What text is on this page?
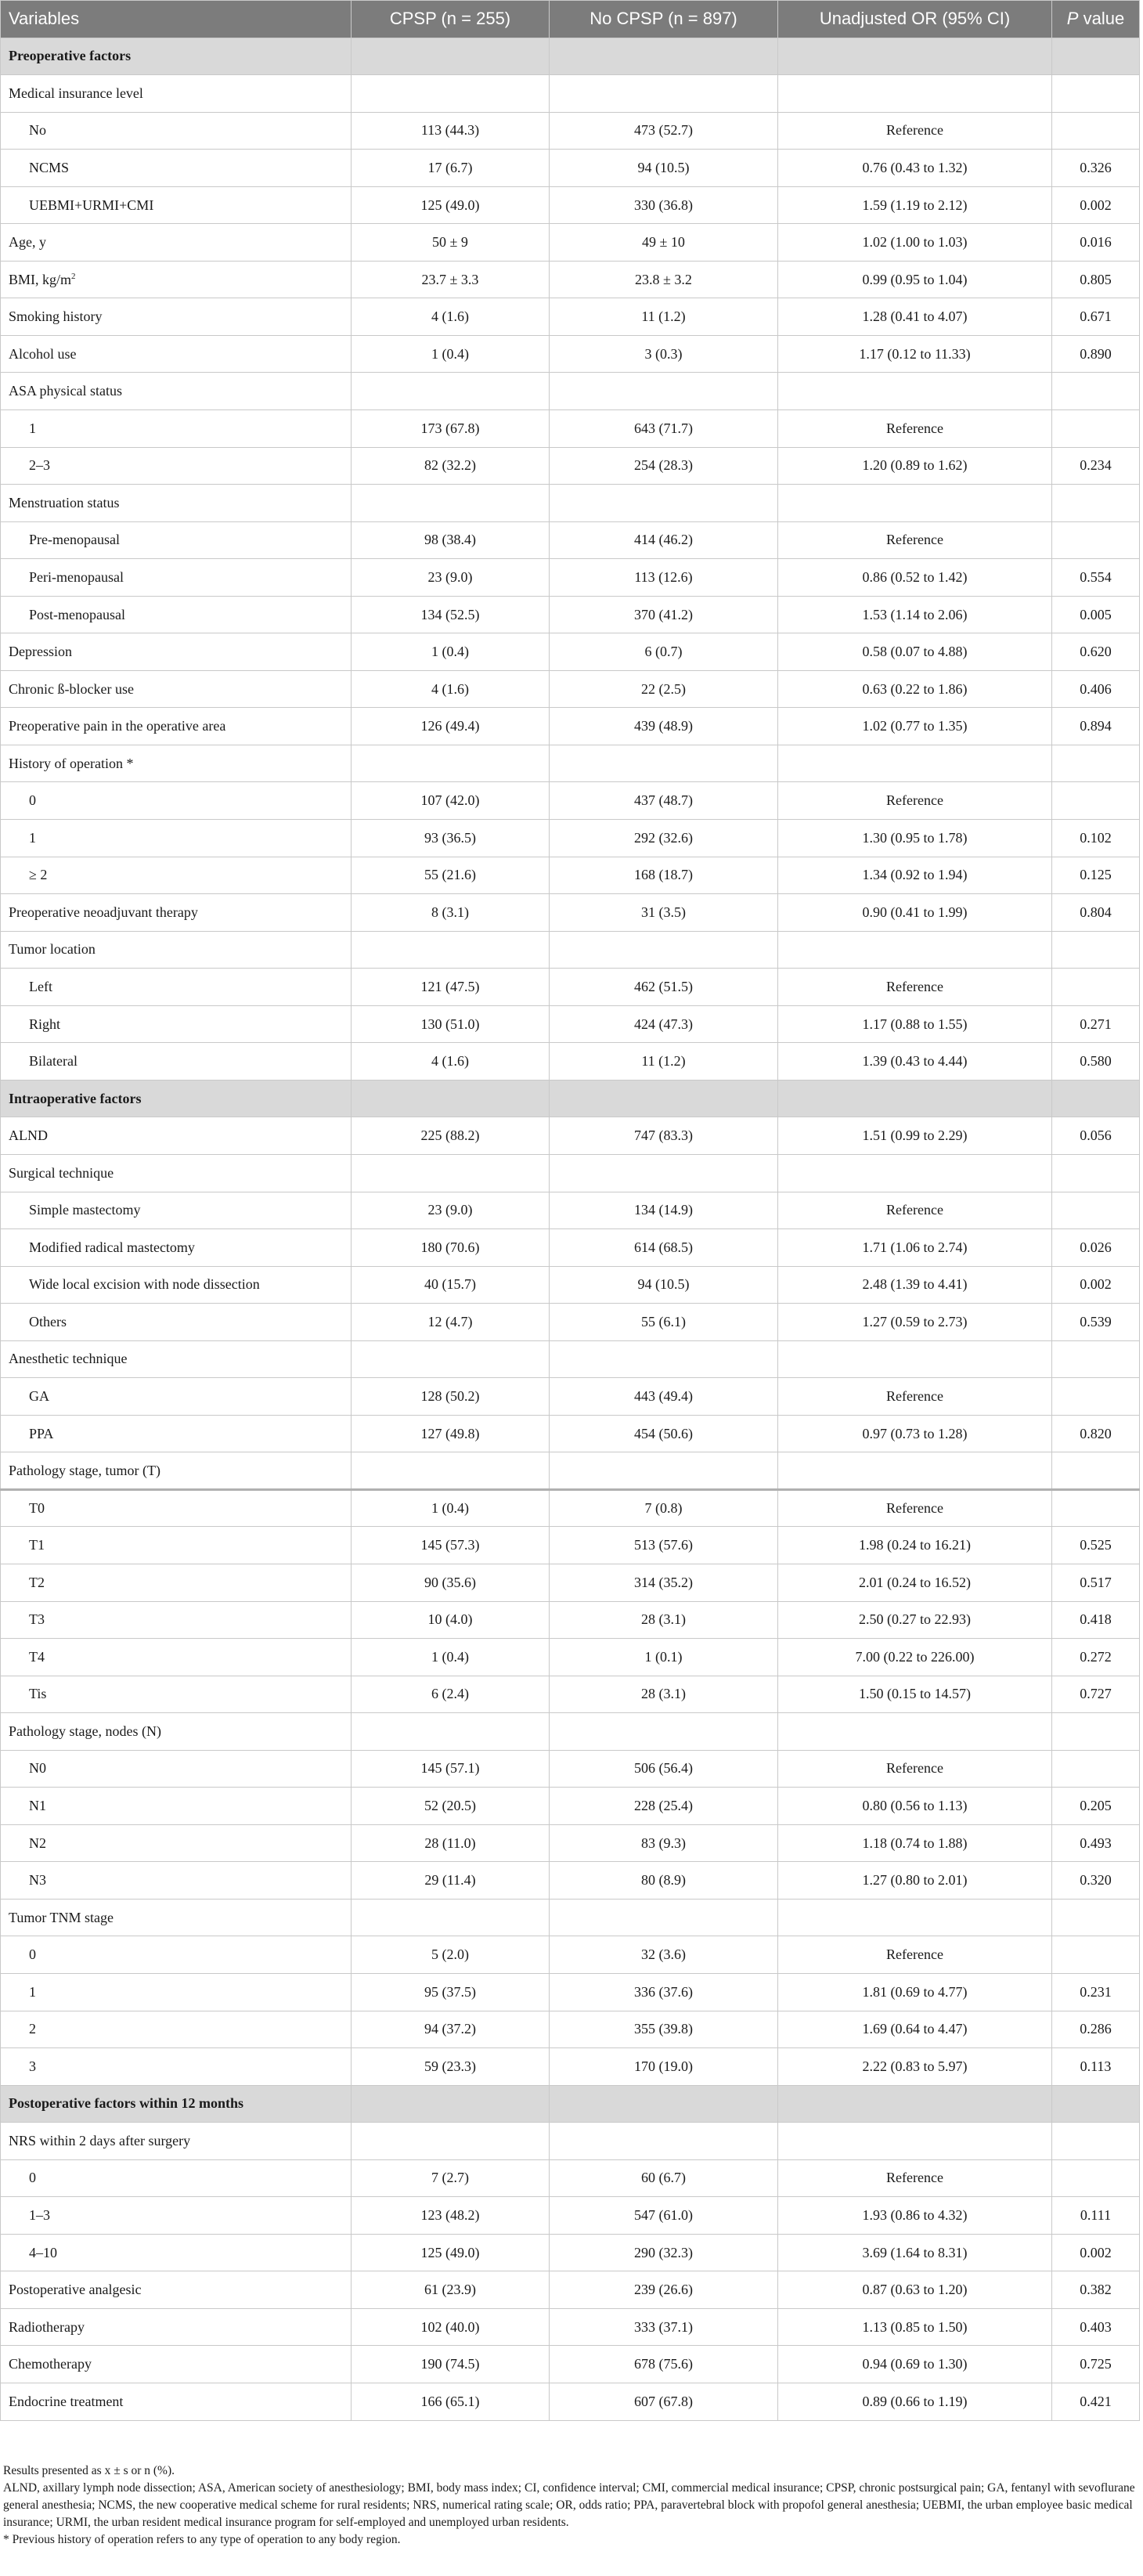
Variables	CPSP (n = 255)	No CPSP (n = 897)	Unadjusted OR (95% CI)	P value
Preoperative factors				
Medical insurance level				
No	113 (44.3)	473 (52.7)	Reference	
NCMS	17 (6.7)	94 (10.5)	0.76 (0.43 to 1.32)	0.326
UEBMI+URMI+CMI	125 (49.0)	330 (36.8)	1.59 (1.19 to 2.12)	0.002
Age, y	50 ± 9	49 ± 10	1.02 (1.00 to 1.03)	0.016
BMI, $kg/m^2$	23.7 ± 3.3	23.8 ± 3.2	0.99 (0.95 to 1.04)	0.805
Smoking history	4 (1.6)	11 (1.2)	1.28 (0.41 to 4.07)	0.671
Alcohol use	1 (0.4)	3 (0.3)	1.17 (0.12 to 11.33)	0.890
ASA physical status				
1	173 (67.8)	643 (71.7)	Reference	
2–3	82 (32.2)	254 (28.3)	1.20 (0.89 to 1.62)	0.234
Menstruation status				
Pre-menopausal	98 (38.4)	414 (46.2)	Reference	
Peri-menopausal	23 (9.0)	113 (12.6)	0.86 (0.52 to 1.42)	0.554
Post-menopausal	134 (52.5)	370 (41.2)	1.53 (1.14 to 2.06)	0.005
Depression	1 (0.4)	6 (0.7)	0.58 (0.07 to 4.88)	0.620
Chronic ß-blocker use	4 (1.6)	22 (2.5)	0.63 (0.22 to 1.86)	0.406
Preoperative pain in the operative area	126 (49.4)	439 (48.9)	1.02 (0.77 to 1.35)	0.894
History of operation *				
0	107 (42.0)	437 (48.7)	Reference	
1	93 (36.5)	292 (32.6)	1.30 (0.95 to 1.78)	0.102
≥ 2	55 (21.6)	168 (18.7)	1.34 (0.92 to 1.94)	0.125
Preoperative neoadjuvant therapy	8 (3.1)	31 (3.5)	0.90 (0.41 to 1.99)	0.804
Tumor location				
Left	121 (47.5)	462 (51.5)	Reference	
Right	130 (51.0)	424 (47.3)	1.17 (0.88 to 1.55)	0.271
Bilateral	4 (1.6)	11 (1.2)	1.39 (0.43 to 4.44)	0.580
Intraoperative factors				
ALND	225 (88.2)	747 (83.3)	1.51 (0.99 to 2.29)	0.056
Surgical technique				
Simple mastectomy	23 (9.0)	134 (14.9)	Reference	
Modified radical mastectomy	180 (70.6)	614 (68.5)	1.71 (1.06 to 2.74)	0.026
Wide local excision with node dissection	40 (15.7)	94 (10.5)	2.48 (1.39 to 4.41)	0.002
Others	12 (4.7)	55 (6.1)	1.27 (0.59 to 2.73)	0.539
Anesthetic technique				
GA	128 (50.2)	443 (49.4)	Reference	
PPA	127 (49.8)	454 (50.6)	0.97 (0.73 to 1.28)	0.820
Pathology stage, tumor (T)				
T0	1 (0.4)	7 (0.8)	Reference	
T1	145 (57.3)	513 (57.6)	1.98 (0.24 to 16.21)	0.525
T2	90 (35.6)	314 (35.2)	2.01 (0.24 to 16.52)	0.517
T3	10 (4.0)	28 (3.1)	2.50 (0.27 to 22.93)	0.418
T4	1 (0.4)	1 (0.1)	7.00 (0.22 to 226.00)	0.272
Tis	6 (2.4)	28 (3.1)	1.50 (0.15 to 14.57)	0.727
Pathology stage, nodes (N)				
N0	145 (57.1)	506 (56.4)	Reference	
N1	52 (20.5)	228 (25.4)	0.80 (0.56 to 1.13)	0.205
N2	28 (11.0)	83 (9.3)	1.18 (0.74 to 1.88)	0.493
N3	29 (11.4)	80 (8.9)	1.27 (0.80 to 2.01)	0.320
Tumor TNM stage				
0	5 (2.0)	32 (3.6)	Reference	
1	95 (37.5)	336 (37.6)	1.81 (0.69 to 4.77)	0.231
2	94 (37.2)	355 (39.8)	1.69 (0.64 to 4.47)	0.286
3	59 (23.3)	170 (19.0)	2.22 (0.83 to 5.97)	0.113
Postoperative factors within 12 months				
NRS within 2 days after surgery				
0	7 (2.7)	60 (6.7)	Reference	
1–3	123 (48.2)	547 (61.0)	1.93 (0.86 to 4.32)	0.111
4–10	125 (49.0)	290 (32.3)	3.69 (1.64 to 8.31)	0.002
Postoperative analgesic	61 (23.9)	239 (26.6)	0.87 (0.63 to 1.20)	0.382
Radiotherapy	102 (40.0)	333 (37.1)	1.13 (0.85 to 1.50)	0.403
Chemotherapy	190 (74.5)	678 (75.6)	0.94 (0.69 to 1.30)	0.725
Endocrine treatment	166 (65.1)	607 (67.8)	0.89 (0.66 to 1.19)	0.421

Results presented as x ± s or n (%).

ALND, axillary lymph node dissection; ASA, American society of anesthesiology; BMI, body mass index; CI, confidence interval; CMI, commercial medical insurance; CPSP, chronic postsurgical pain; GA, fentanyl with sevoflurane general anesthesia; NCMS, the new cooperative medical scheme for rural residents; NRS, numerical rating scale; OR, odds ratio; PPA, paravertebral block with propofol general anesthesia; UEBMI, the urban employee basic medical insurance; URMI, the urban resident medical insurance program for self-employed and unemployed urban residents.

* Previous history of operation refers to any type of operation to any body region.
